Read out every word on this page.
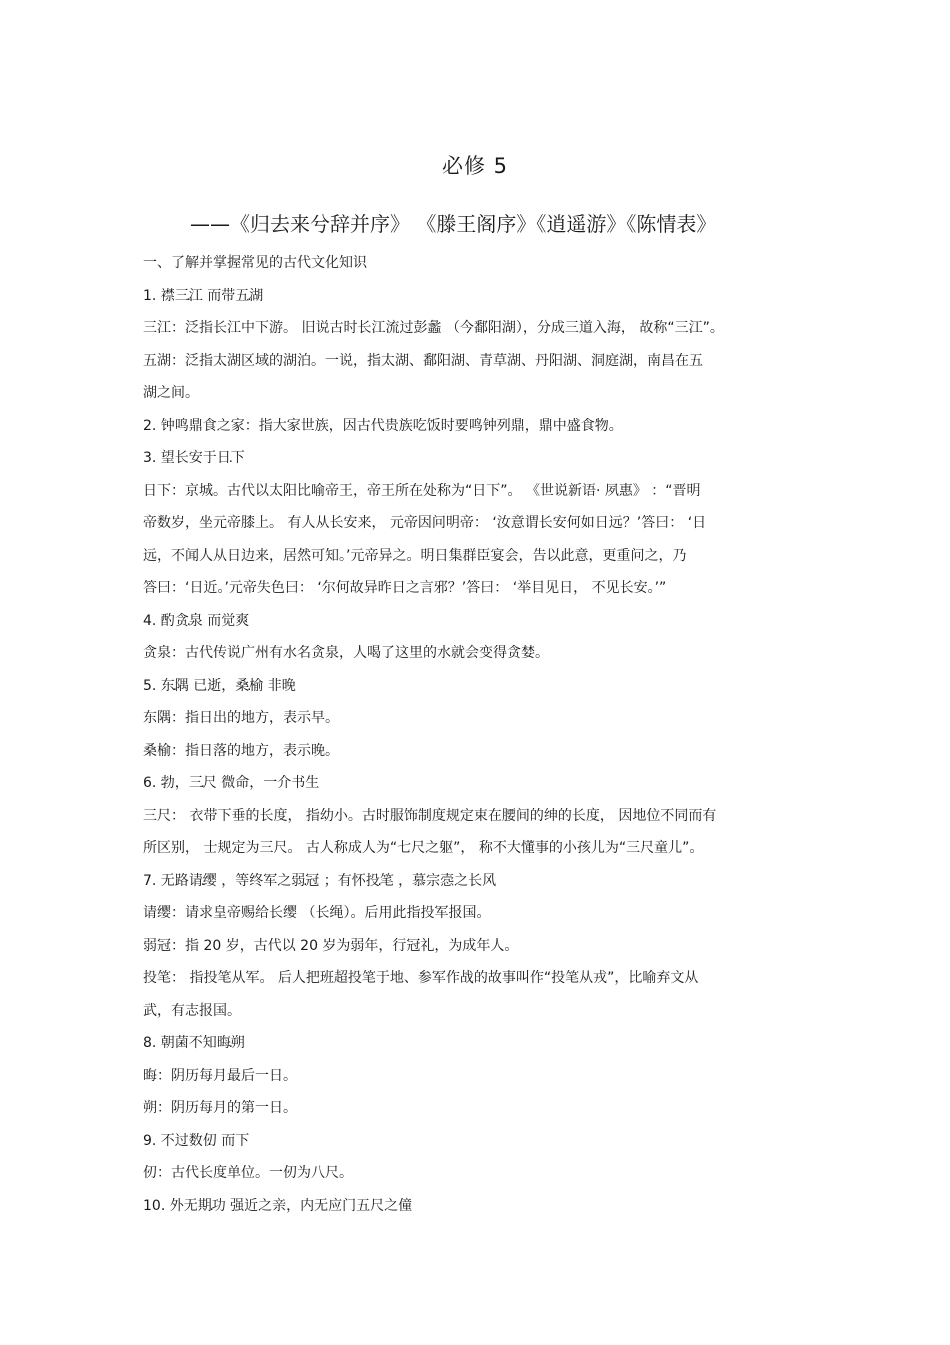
必修 5
——《归去来兮辞并序》 《滕王阁序》《逍遥游》《陈情表》
一、了解并掌握常见的古代文化知识
1. 襟三江 · 而带五湖 ·
三江：泛指长江中下游。 旧说古时长江流过彭蠡 （今鄱阳湖），分成三道入海， 故称“三江”。
五湖：泛指太湖区域的湖泊。一说，指太湖、鄱阳湖、青草湖、丹阳湖、洞庭湖，南昌在五
湖之间。
2. 钟鸣鼎食之家：指大家世族，因古代贵族吃饭时要鸣钟列鼎，鼎中盛食物。
3. 望长安于日下 ·
日下：京城。古代以太阳比喻帝王，帝王所在处称为“日下”。 《世说新语· 夙惠》 ：“晋明
帝数岁，坐元帝膝上。 有人从长安来， 元帝因问明帝： ‘汝意谓长安何如日远？’答曰： ‘日
远，不闻人从日边来，居然可知。’元帝异之。明日集群臣宴会，告以此意，更重问之，乃
答曰：‘日近。’元帝失色曰： ‘尔何故异昨日之言邪？’答曰： ‘举目见日， 不见长安。’”
4. 酌贪泉 · 而觉爽
贪泉：古代传说广州有水名贪泉，人喝了这里的水就会变得贪婪。
5. 东隅 · 已逝，桑榆 · 非晚
东隅：指日出的地方，表示早。
桑榆：指日落的地方，表示晚。
6. 勃，三尺 · 微命，一介书生
三尺： 衣带下垂的长度， 指幼小。古时服饰制度规定束在腰间的绅的长度， 因地位不同而有
所区别， 士规定为三尺。 古人称成人为“七尺之躯”， 称不大懂事的小孩儿为“三尺童儿”。
7. 无路请缨 · ，等终军之弱冠 · ；有怀投笔 · ，慕宗悫之长风
请缨：请求皇帝赐给长缨 （长绳）。后用此指投军报国。
弱冠：指 20 岁，古代以 20 岁为弱年，行冠礼，为成年人。
投笔： 指投笔从军。 后人把班超投笔于地、参军作战的故事叫作“投笔从戎”，比喻弃文从
武，有志报国。
8. 朝菌不知晦朔 ·
晦：阴历每月最后一日。
朔：阴历每月的第一日。
9. 不过数仞 · 而下
仞：古代长度单位。一仞为八尺。
10. 外无期功 · 强近之亲，内无应门五尺之僮
